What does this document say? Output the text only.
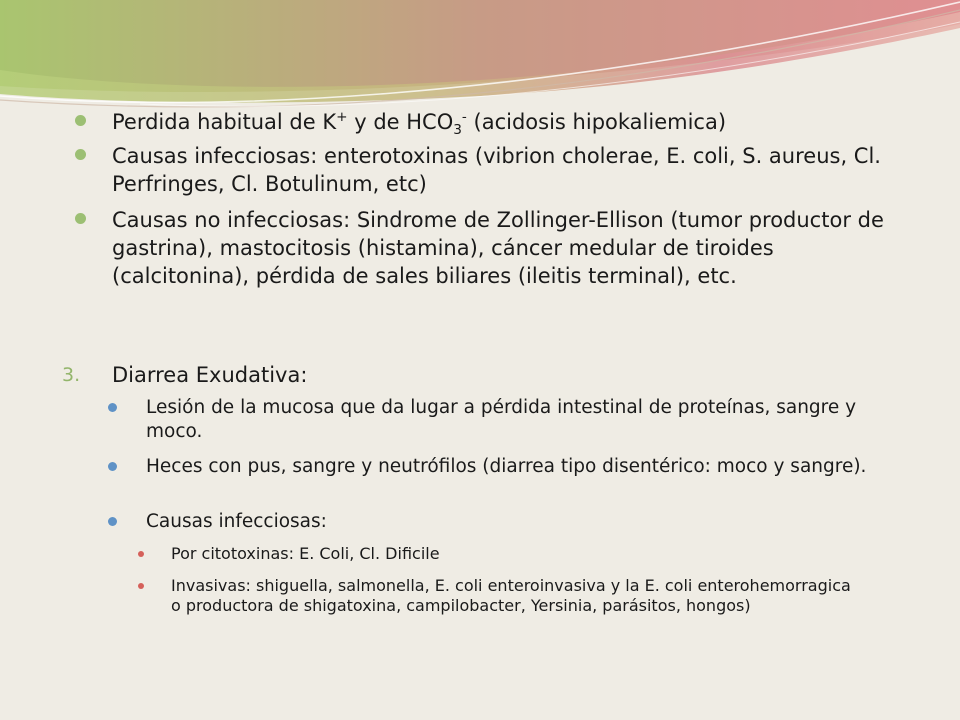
Perdida habitual de K+ y de $HCO_3^-$ (acidosis hipokaliemica)
Causas infecciosas: enterotoxinas (vibrion cholerae, E. coli, S. aureus, Cl. Perfringes, Cl. Botulinum, etc)
Causas no infecciosas: Sindrome de Zollinger-Ellison (tumor productor de gastrina), mastocitosis (histamina), cáncer medular de tiroides (calcitonina), pérdida de sales biliares (ileitis terminal), etc.
3. Diarrea Exudativa:
Lesión de la mucosa que da lugar a pérdida intestinal de proteínas, sangre y moco.
Heces con pus, sangre y neutrófilos (diarrea tipo disentérico: moco y sangre).
Causas infecciosas:
Por citotoxinas: E. Coli, Cl. Dificile
Invasivas: shiguella, salmonella, E. coli enteroinvasiva y la E. coli enterohemorragica o productora de shigatoxina, campilobacter, Yersinia, parásitos, hongos)
